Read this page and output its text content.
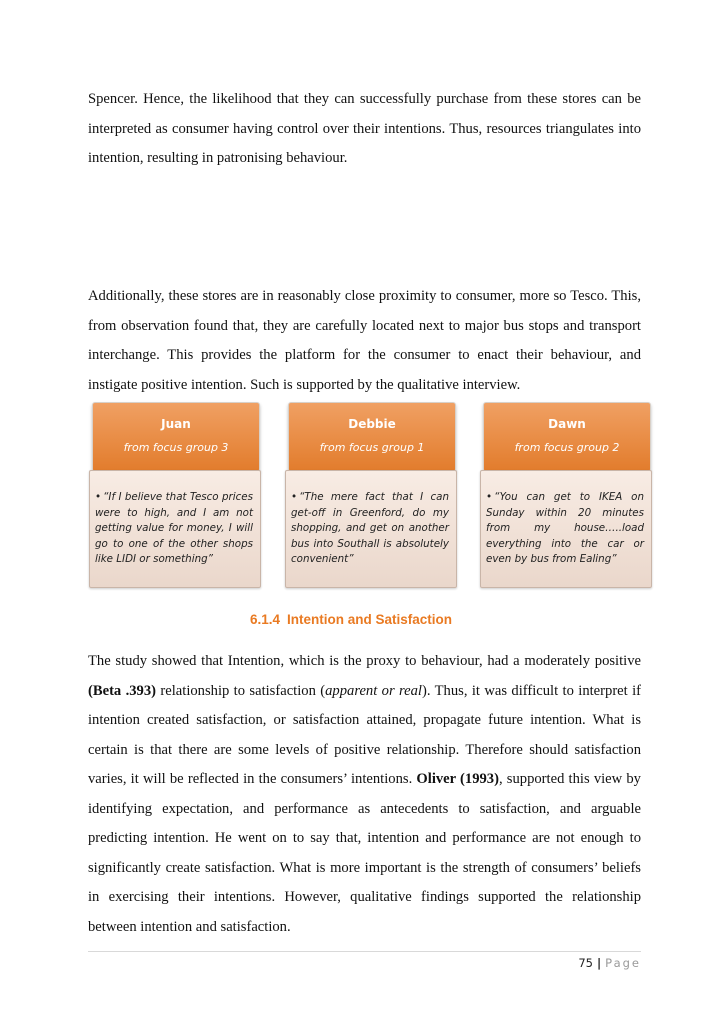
Spencer. Hence, the likelihood that they can successfully purchase from these stores can be interpreted as consumer having control over their intentions. Thus, resources triangulates into intention, resulting in patronising behaviour.

Additionally, these stores are in reasonably close proximity to consumer, more so Tesco. This, from observation found that, they are carefully located next to major bus stops and transport interchange. This provides the platform for the consumer to enact their behaviour, and instigate positive intention. Such is supported by the qualitative interview.

Juan
from focus group 3
• “If I believe that Tesco prices were to high, and I am not getting value for money, I will go to one of the other shops like LIDI or something”
Debbie
from focus group 1
• “The mere fact that I can get-off in Greenford, do my shopping, and get on another bus into Southall is absolutely convenient”
Dawn
from focus group 2
• “You can get to IKEA on Sunday within 20 minutes from my house…..load everything into the car or even by bus from Ealing”
6.1.4 Intention and Satisfaction

The study showed that Intention, which is the proxy to behaviour, had a moderately positive (Beta .393) relationship to satisfaction (apparent or real). Thus, it was difficult to interpret if intention created satisfaction, or satisfaction attained, propagate future intention. What is certain is that there are some levels of positive relationship. Therefore should satisfaction varies, it will be reflected in the consumers’ intentions. Oliver (1993), supported this view by identifying expectation, and performance as antecedents to satisfaction, and arguable predicting intention. He went on to say that, intention and performance are not enough to significantly create satisfaction. What is more important is the strength of consumers’ beliefs in exercising their intentions. However, qualitative findings supported the relationship between intention and satisfaction.

75 | Page
